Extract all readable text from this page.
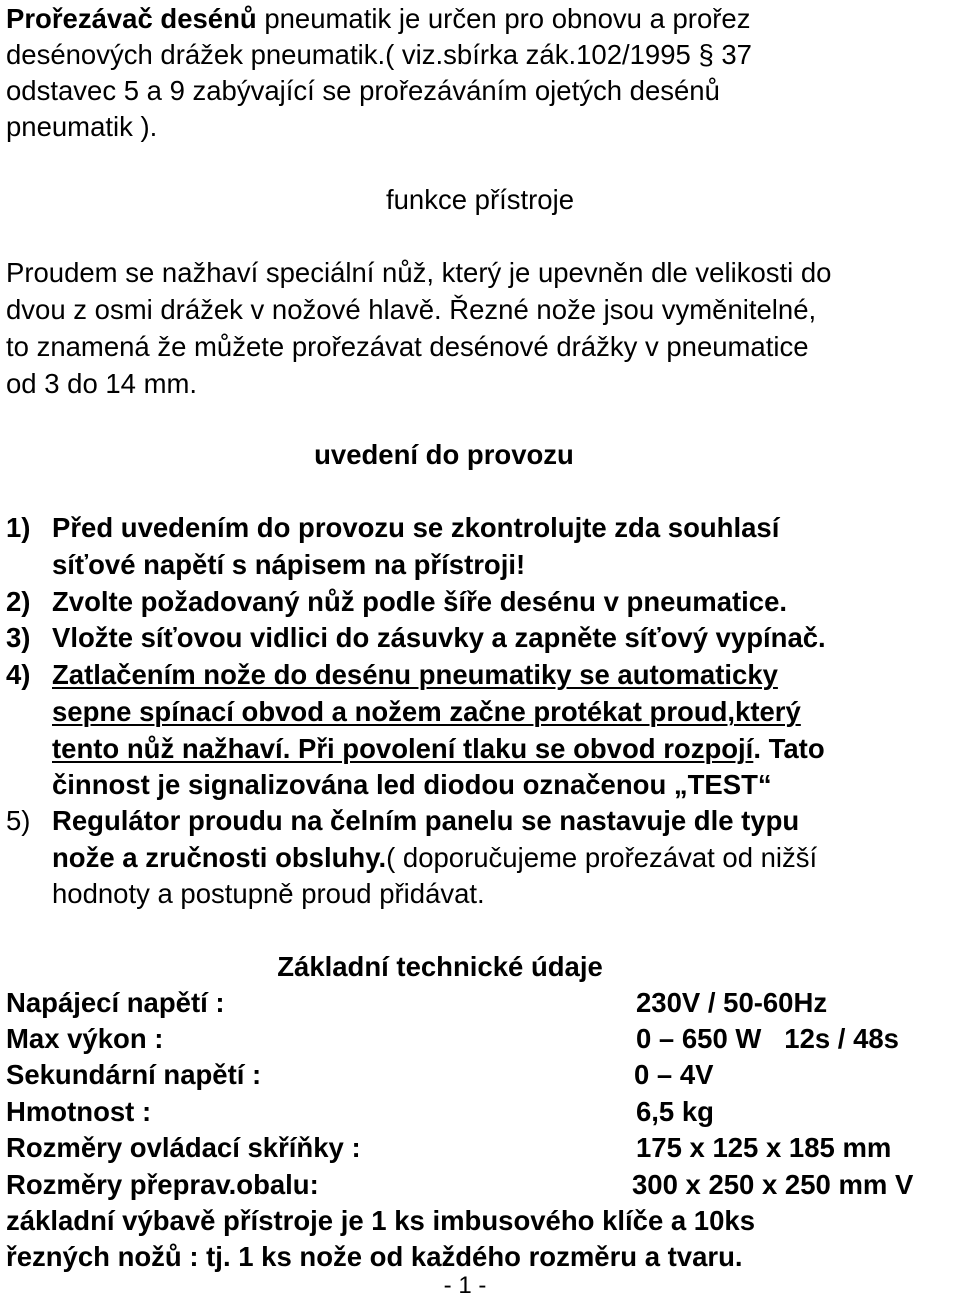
Prořezávač desénů pneumatik je určen pro obnovu a prořez
desénových drážek pneumatik.( viz.sbírka zák.102/1995 § 37
odstavec 5 a 9 zabývající se prořezáváním ojetých desénů
pneumatik ).
funkce přístroje
Proudem se nažhaví speciální nůž, který je upevněn dle velikosti do
dvou z osmi drážek v nožové hlavě. Řezné nože jsou vyměnitelné,
to znamená že můžete prořezávat desénové drážky v pneumatice
od 3 do 14 mm.
uvedení do provozu
1) Před uvedením do provozu se zkontrolujte zda souhlasí
síťové napětí s nápisem na přístroji!
2) Zvolte požadovaný nůž podle šíře desénu v pneumatice.
3) Vložte síťovou vidlici do zásuvky a zapněte síťový vypínač.
4) Zatlačením nože do desénu pneumatiky se automaticky
sepne spínací obvod a nožem začne protékat proud,který
tento nůž nažhaví. Při povolení tlaku se obvod rozpojí. Tato
činnost je signalizována led diodou označenou „TEST“
5) Regulátor proudu na čelním panelu se nastavuje dle typu
nože a zručnosti obsluhy.( doporučujeme prořezávat od nižší
hodnoty a postupně proud přidávat.
Základní technické údaje
Napájecí napětí :	230V / 50-60Hz
Max výkon :	0 – 650 W   12s / 48s
Sekundární napětí :	0 – 4V
Hmotnost :	6,5 kg
Rozměry ovládací skříňky :	175 x 125 x 185 mm
Rozměry přeprav.obalu:	300 x 250 x 250 mm V
základní výbavě přístroje je 1 ks imbusového klíče a 10ks
řezných nožů : tj. 1 ks nože od každého rozměru a tvaru.
- 1 -
